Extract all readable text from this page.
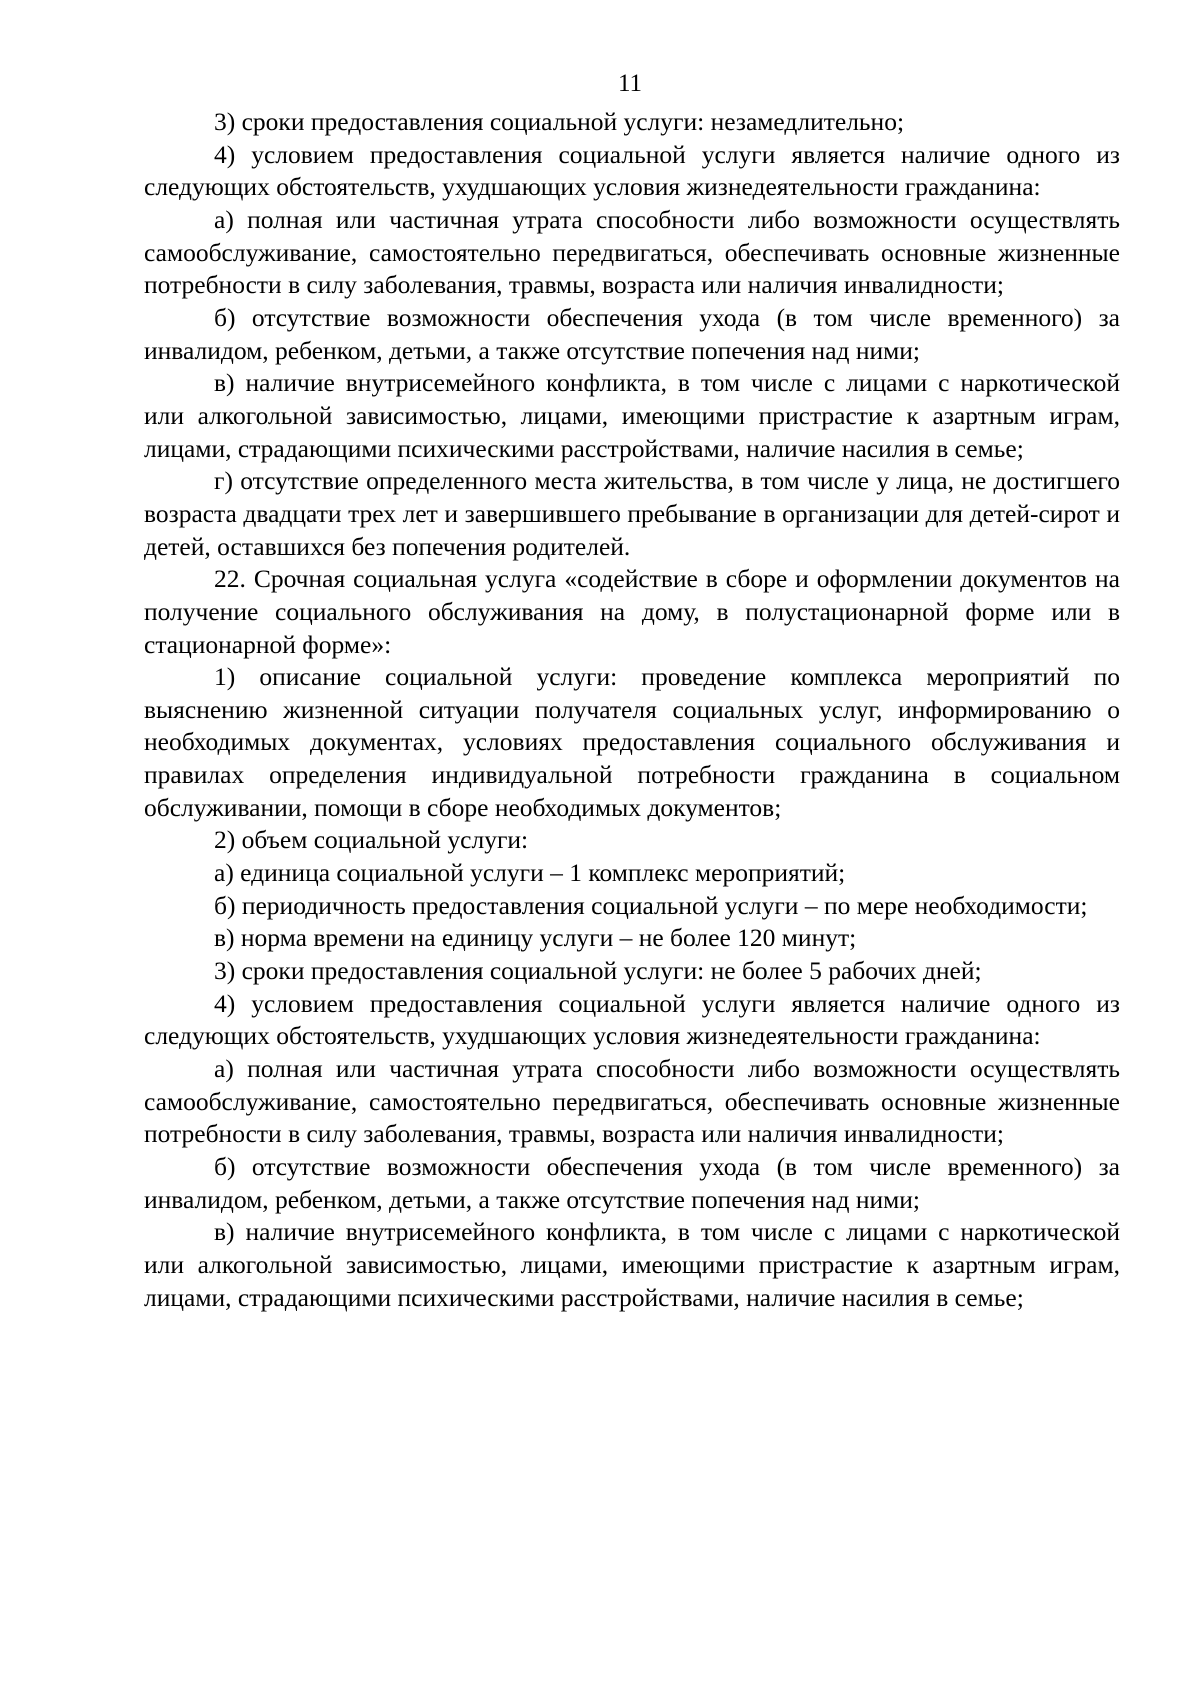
11

3) сроки предоставления социальной услуги: незамедлительно;

4) условием предоставления социальной услуги является наличие одного из следующих обстоятельств, ухудшающих условия жизнедеятельности гражданина:

а) полная или частичная утрата способности либо возможности осуществлять самообслуживание, самостоятельно передвигаться, обеспечивать основные жизненные потребности в силу заболевания, травмы, возраста или наличия инвалидности;

б) отсутствие возможности обеспечения ухода (в том числе временного) за инвалидом, ребенком, детьми, а также отсутствие попечения над ними;

в) наличие внутрисемейного конфликта, в том числе с лицами с наркотической или алкогольной зависимостью, лицами, имеющими пристрастие к азартным играм, лицами, страдающими психическими расстройствами, наличие насилия в семье;

г) отсутствие определенного места жительства, в том числе у лица, не достигшего возраста двадцати трех лет и завершившего пребывание в организации для детей-сирот и детей, оставшихся без попечения родителей.

22. Срочная социальная услуга «содействие в сборе и оформлении документов на получение социального обслуживания на дому, в полустационарной форме или в стационарной форме»:

1) описание социальной услуги: проведение комплекса мероприятий по выяснению жизненной ситуации получателя социальных услуг, информированию о необходимых документах, условиях предоставления социального обслуживания и правилах определения индивидуальной потребности гражданина в социальном обслуживании, помощи в сборе необходимых документов;

2) объем социальной услуги:

а) единица социальной услуги – 1 комплекс мероприятий;

б) периодичность предоставления социальной услуги – по мере необходимости;

в) норма времени на единицу услуги – не более 120 минут;

3) сроки предоставления социальной услуги: не более 5 рабочих дней;

4) условием предоставления социальной услуги является наличие одного из следующих обстоятельств, ухудшающих условия жизнедеятельности гражданина:

а) полная или частичная утрата способности либо возможности осуществлять самообслуживание, самостоятельно передвигаться, обеспечивать основные жизненные потребности в силу заболевания, травмы, возраста или наличия инвалидности;

б) отсутствие возможности обеспечения ухода (в том числе временного) за инвалидом, ребенком, детьми, а также отсутствие попечения над ними;

в) наличие внутрисемейного конфликта, в том числе с лицами с наркотической или алкогольной зависимостью, лицами, имеющими пристрастие к азартным играм, лицами, страдающими психическими расстройствами, наличие насилия в семье;
